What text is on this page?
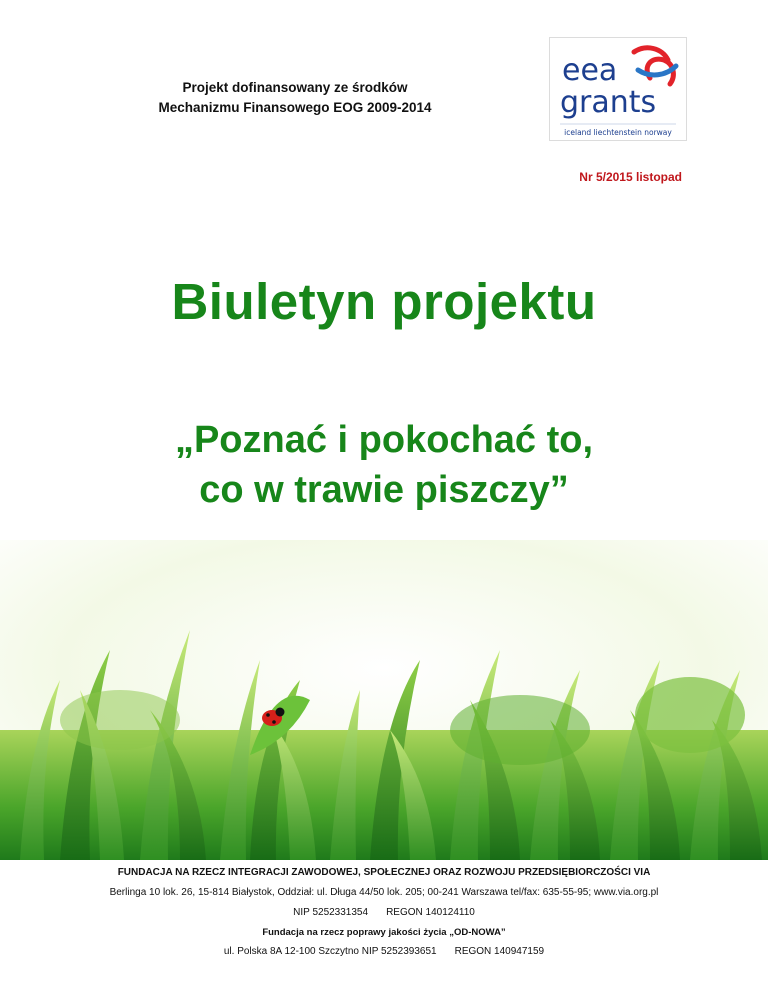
Projekt dofinansowany ze środków
Mechanizmu Finansowego EOG 2009-2014
eea
grants
iceland liechtenstein norway
Nr 5/2015 listopad
Biuletyn projektu
„Poznać i pokochać to,
co w trawie piszczy”
FUNDACJA NA RZECZ INTEGRACJI ZAWODOWEJ, SPOŁECZNEJ ORAZ ROZWOJU PRZEDSIĘBIORCZOŚCI VIA
Berlinga 10 lok. 26, 15-814 Białystok, Oddział: ul. Długa 44/50 lok. 205; 00-241 Warszawa tel/fax: 635-55-95; www.via.org.pl
NIP 5252331354 REGON 140124110
Fundacja na rzecz poprawy jakości życia „OD-NOWA”
ul. Polska 8A 12-100 Szczytno NIP 5252393651 REGON 140947159
